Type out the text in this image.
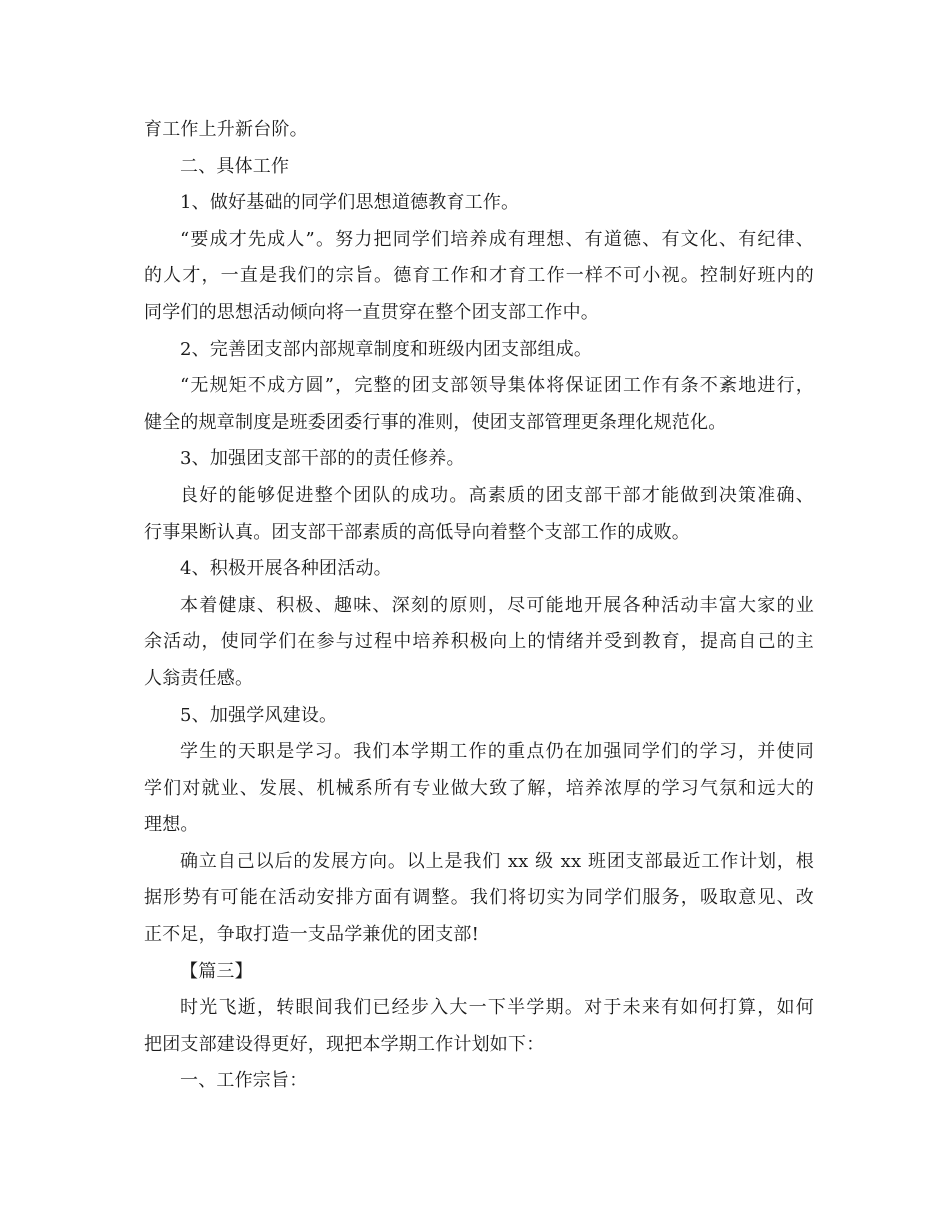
育工作上升新台阶。
二、具体工作
1、做好基础的同学们思想道德教育工作。
“要成才先成人”。努力把同学们培养成有理想、有道德、有文化、有纪律、
的人才，一直是我们的宗旨。德育工作和才育工作一样不可小视。控制好班内的
同学们的思想活动倾向将一直贯穿在整个团支部工作中。
2、完善团支部内部规章制度和班级内团支部组成。
“无规矩不成方圆”，完整的团支部领导集体将保证团工作有条不紊地进行，
健全的规章制度是班委团委行事的准则，使团支部管理更条理化规范化。
3、加强团支部干部的的责任修养。
良好的能够促进整个团队的成功。高素质的团支部干部才能做到决策准确、
行事果断认真。团支部干部素质的高低导向着整个支部工作的成败。
4、积极开展各种团活动。
本着健康、积极、趣味、深刻的原则，尽可能地开展各种活动丰富大家的业
余活动，使同学们在参与过程中培养积极向上的情绪并受到教育，提高自己的主
人翁责任感。
5、加强学风建设。
学生的天职是学习。我们本学期工作的重点仍在加强同学们的学习，并使同
学们对就业、发展、机械系所有专业做大致了解，培养浓厚的学习气氛和远大的
理想。
确立自己以后的发展方向。以上是我们 xx 级 xx 班团支部最近工作计划，根
据形势有可能在活动安排方面有调整。我们将切实为同学们服务，吸取意见、改
正不足，争取打造一支品学兼优的团支部!
【篇三】
时光飞逝，转眼间我们已经步入大一下半学期。对于未来有如何打算，如何
把团支部建设得更好，现把本学期工作计划如下：
一、工作宗旨：
